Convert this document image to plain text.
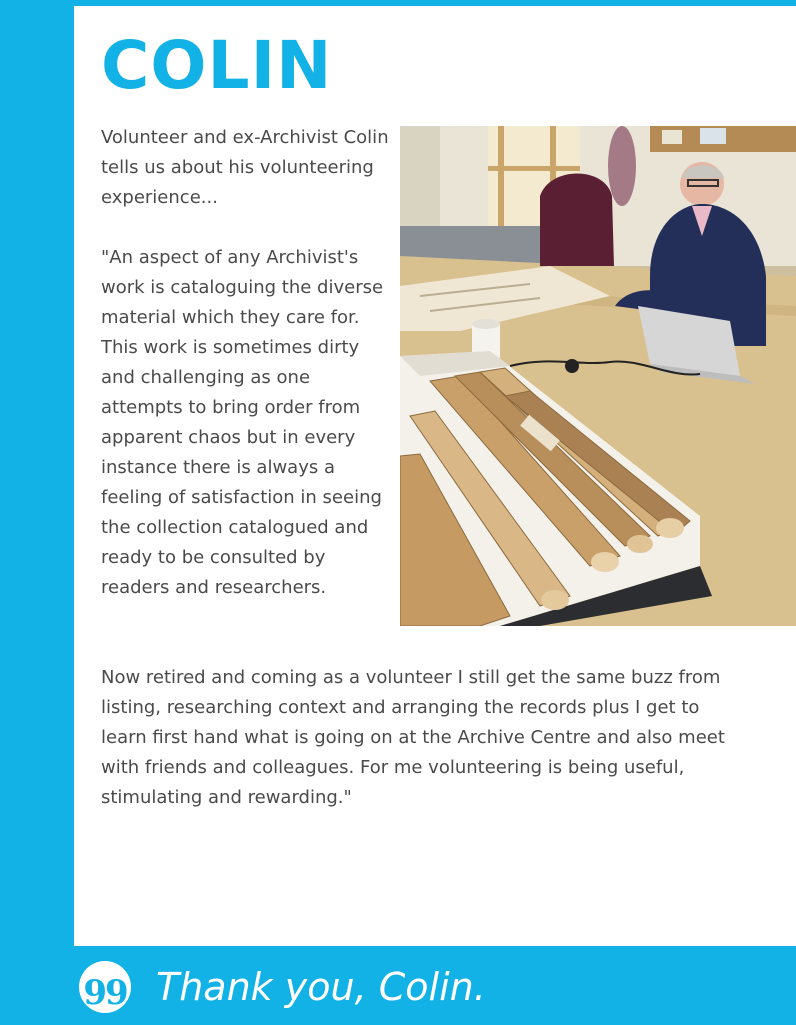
COLIN

Volunteer and ex-Archivist Colin tells us about his volunteering experience...

"An aspect of any Archivist's work is cataloguing the diverse material which they care for. This work is sometimes dirty and challenging as one attempts to bring order from apparent chaos but in every instance there is always a feeling of satisfaction in seeing the collection catalogued and ready to be consulted by readers and researchers.

Now retired and coming as a volunteer I still get the same buzz from listing, researching context and arranging the records plus I get to learn first hand what is going on at the Archive Centre and also meet with friends and colleagues. For me volunteering is being useful, stimulating and rewarding."

99 Thank you, Colin.
